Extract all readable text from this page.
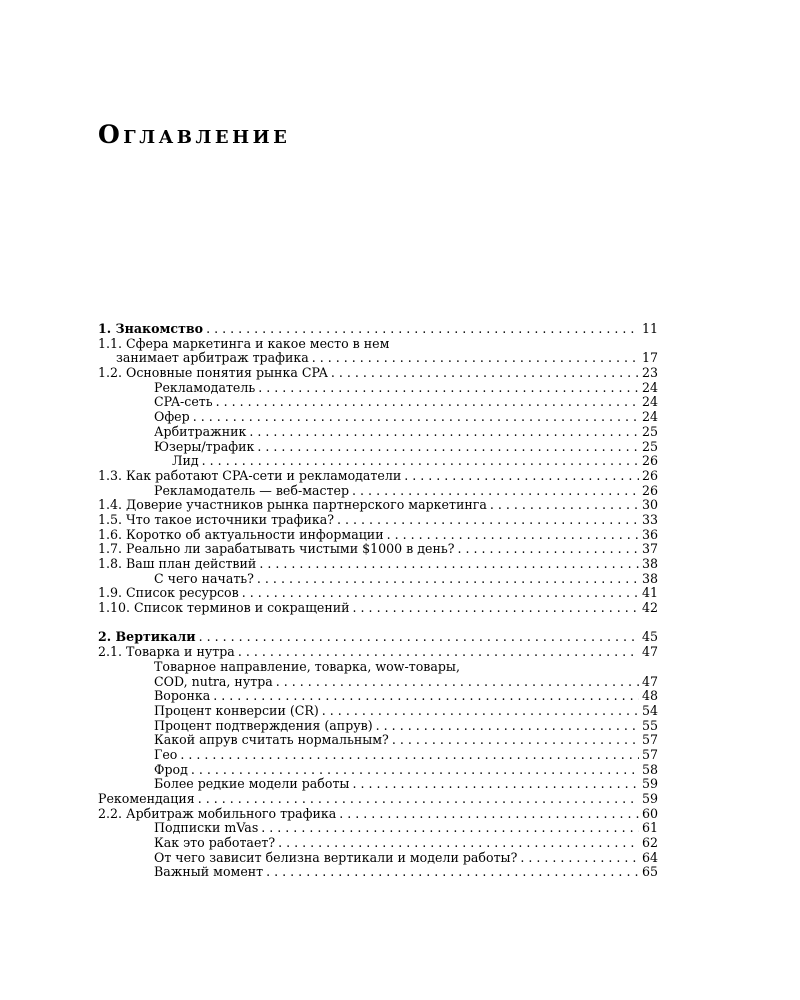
Оглавление
1. Знакомство . . .	11
1.1. Сфера маркетинга и какое место в нем
занимает арбитраж трафика . . .	17
1.2. Основные понятия рынка CPA . . .	23
Рекламодатель . . .	24
CPA-сеть . . .	24
Офер . . .	24
Арбитражник . . .	25
Юзеры/трафик . . .	25
Лид . . .	26
1.3. Как работают CPA-сети и рекламодатели . . .	26
Рекламодатель — веб-мастер . . .	26
1.4. Доверие участников рынка партнерского маркетинга . . .	30
1.5. Что такое источники трафика? . . .	33
1.6. Коротко об актуальности информации . . .	36
1.7. Реально ли зарабатывать чистыми $1000 в день? . . .	37
1.8. Ваш план действий . . .	38
С чего начать? . . .	38
1.9. Список ресурсов . . .	41
1.10. Список терминов и сокращений . . .	42
2. Вертикали . . .	45
2.1. Товарка и нутра . . .	47
Товарное направление, товарка, wow-товары,
COD, nutra, нутра . . .	47
Воронка . . .	48
Процент конверсии (CR) . . .	54
Процент подтверждения (апрув) . . .	55
Какой апрув считать нормальным? . . .	57
Гео . . .	57
Фрод . . .	58
Более редкие модели работы . . .	59
Рекомендация . . .	59
2.2. Арбитраж мобильного трафика . . .	60
Подписки mVas . . .	61
Как это работает? . . .	62
От чего зависит белизна вертикали и модели работы? . . .	64
Важный момент . . .	65
